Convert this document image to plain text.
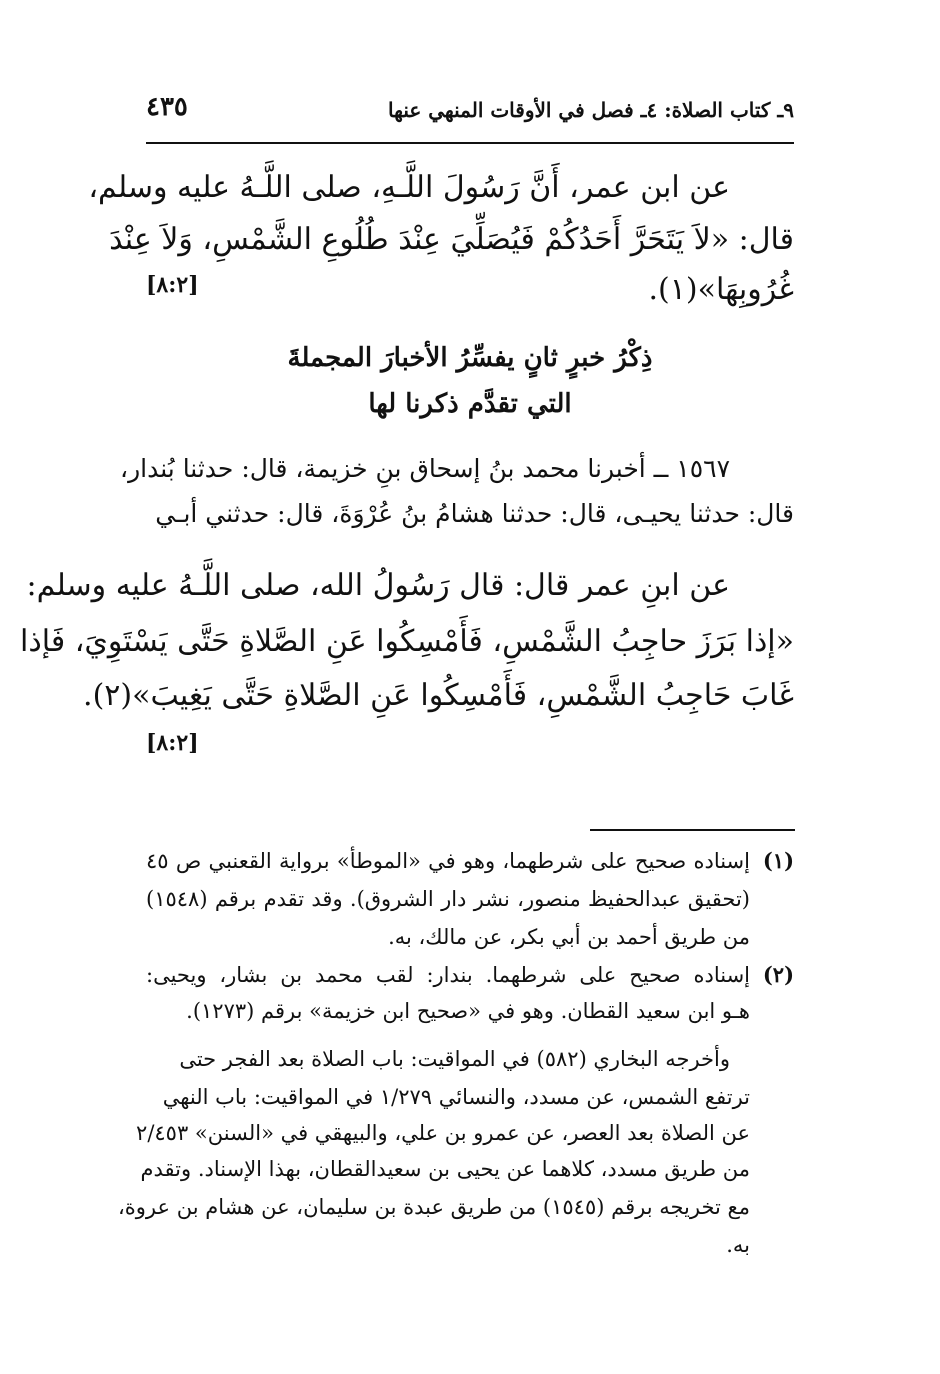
٩ـ كتاب الصلاة: ٤ـ فصل في الأوقات المنهي عنها
٤٣٥
عن ابن عمر، أَنَّ رَسُولَ اللَّـهِ، صلى اللَّـهُ عليه وسلم،
قال: «لاَ يَتَحَرَّ أَحَدُكُمْ فَيُصَلِّيَ عِنْدَ طُلُوعِ الشَّمْسِ، وَلاَ عِنْدَ
غُرُوبِهَا»(١).
[٨:٢]
ذِكْرُ خبرٍ ثانٍ يفسِّرُ الأخبارَ المجملةَ
التي تقدَّم ذكرنا لها
١٥٦٧ ــ أخبرنا محمد بنُ إسحاق بنِ خزيمة، قال: حدثنا بُندار،
قال: حدثنا يحيـى، قال: حدثنا هشامُ بنُ عُرْوَةَ، قال: حدثني أبـي
عن ابنِ عمر قال: قال رَسُولُ الله، صلى اللَّـهُ عليه وسلم:
«إذا بَرَزَ حاجِبُ الشَّمْسِ، فَأَمْسِكُوا عَنِ الصَّلاةِ حَتَّى يَسْتَوِيَ، فَإذا
غَابَ حَاجِبُ الشَّمْسِ، فَأَمْسِكُوا عَنِ الصَّلاةِ حَتَّى يَغِيبَ»(٢).
[٨:٢]
(١)
إسناده صحيح على شرطهما، وهو في «الموطأ» برواية القعنبي ص ٤٥
(تحقيق عبدالحفيظ منصور، نشر دار الشروق). وقد تقدم برقم (١٥٤٨)
من طريق أحمد بن أبي بكر، عن مالك، به.
(٢)
إسناده صحيح على شرطهما. بندار: لقب محمد بن بشار، ويحيى:
هـو ابن سعيد القطان. وهو في «صحيح ابن خزيمة» برقم (١٢٧٣).
وأخرجه البخاري (٥٨٢) في المواقيت: باب الصلاة بعد الفجر حتى
ترتفع الشمس، عن مسدد، والنسائي ١/٢٧٩ في المواقيت: باب النهي
عن الصلاة بعد العصر، عن عمرو بن علي، والبيهقي في «السنن» ٢/٤٥٣
من طريق مسدد، كلاهما عن يحيى بن سعيدالقطان، بهذا الإسناد. وتقدم
مع تخريجه برقم (١٥٤٥) من طريق عبدة بن سليمان، عن هشام بن عروة،
به.
